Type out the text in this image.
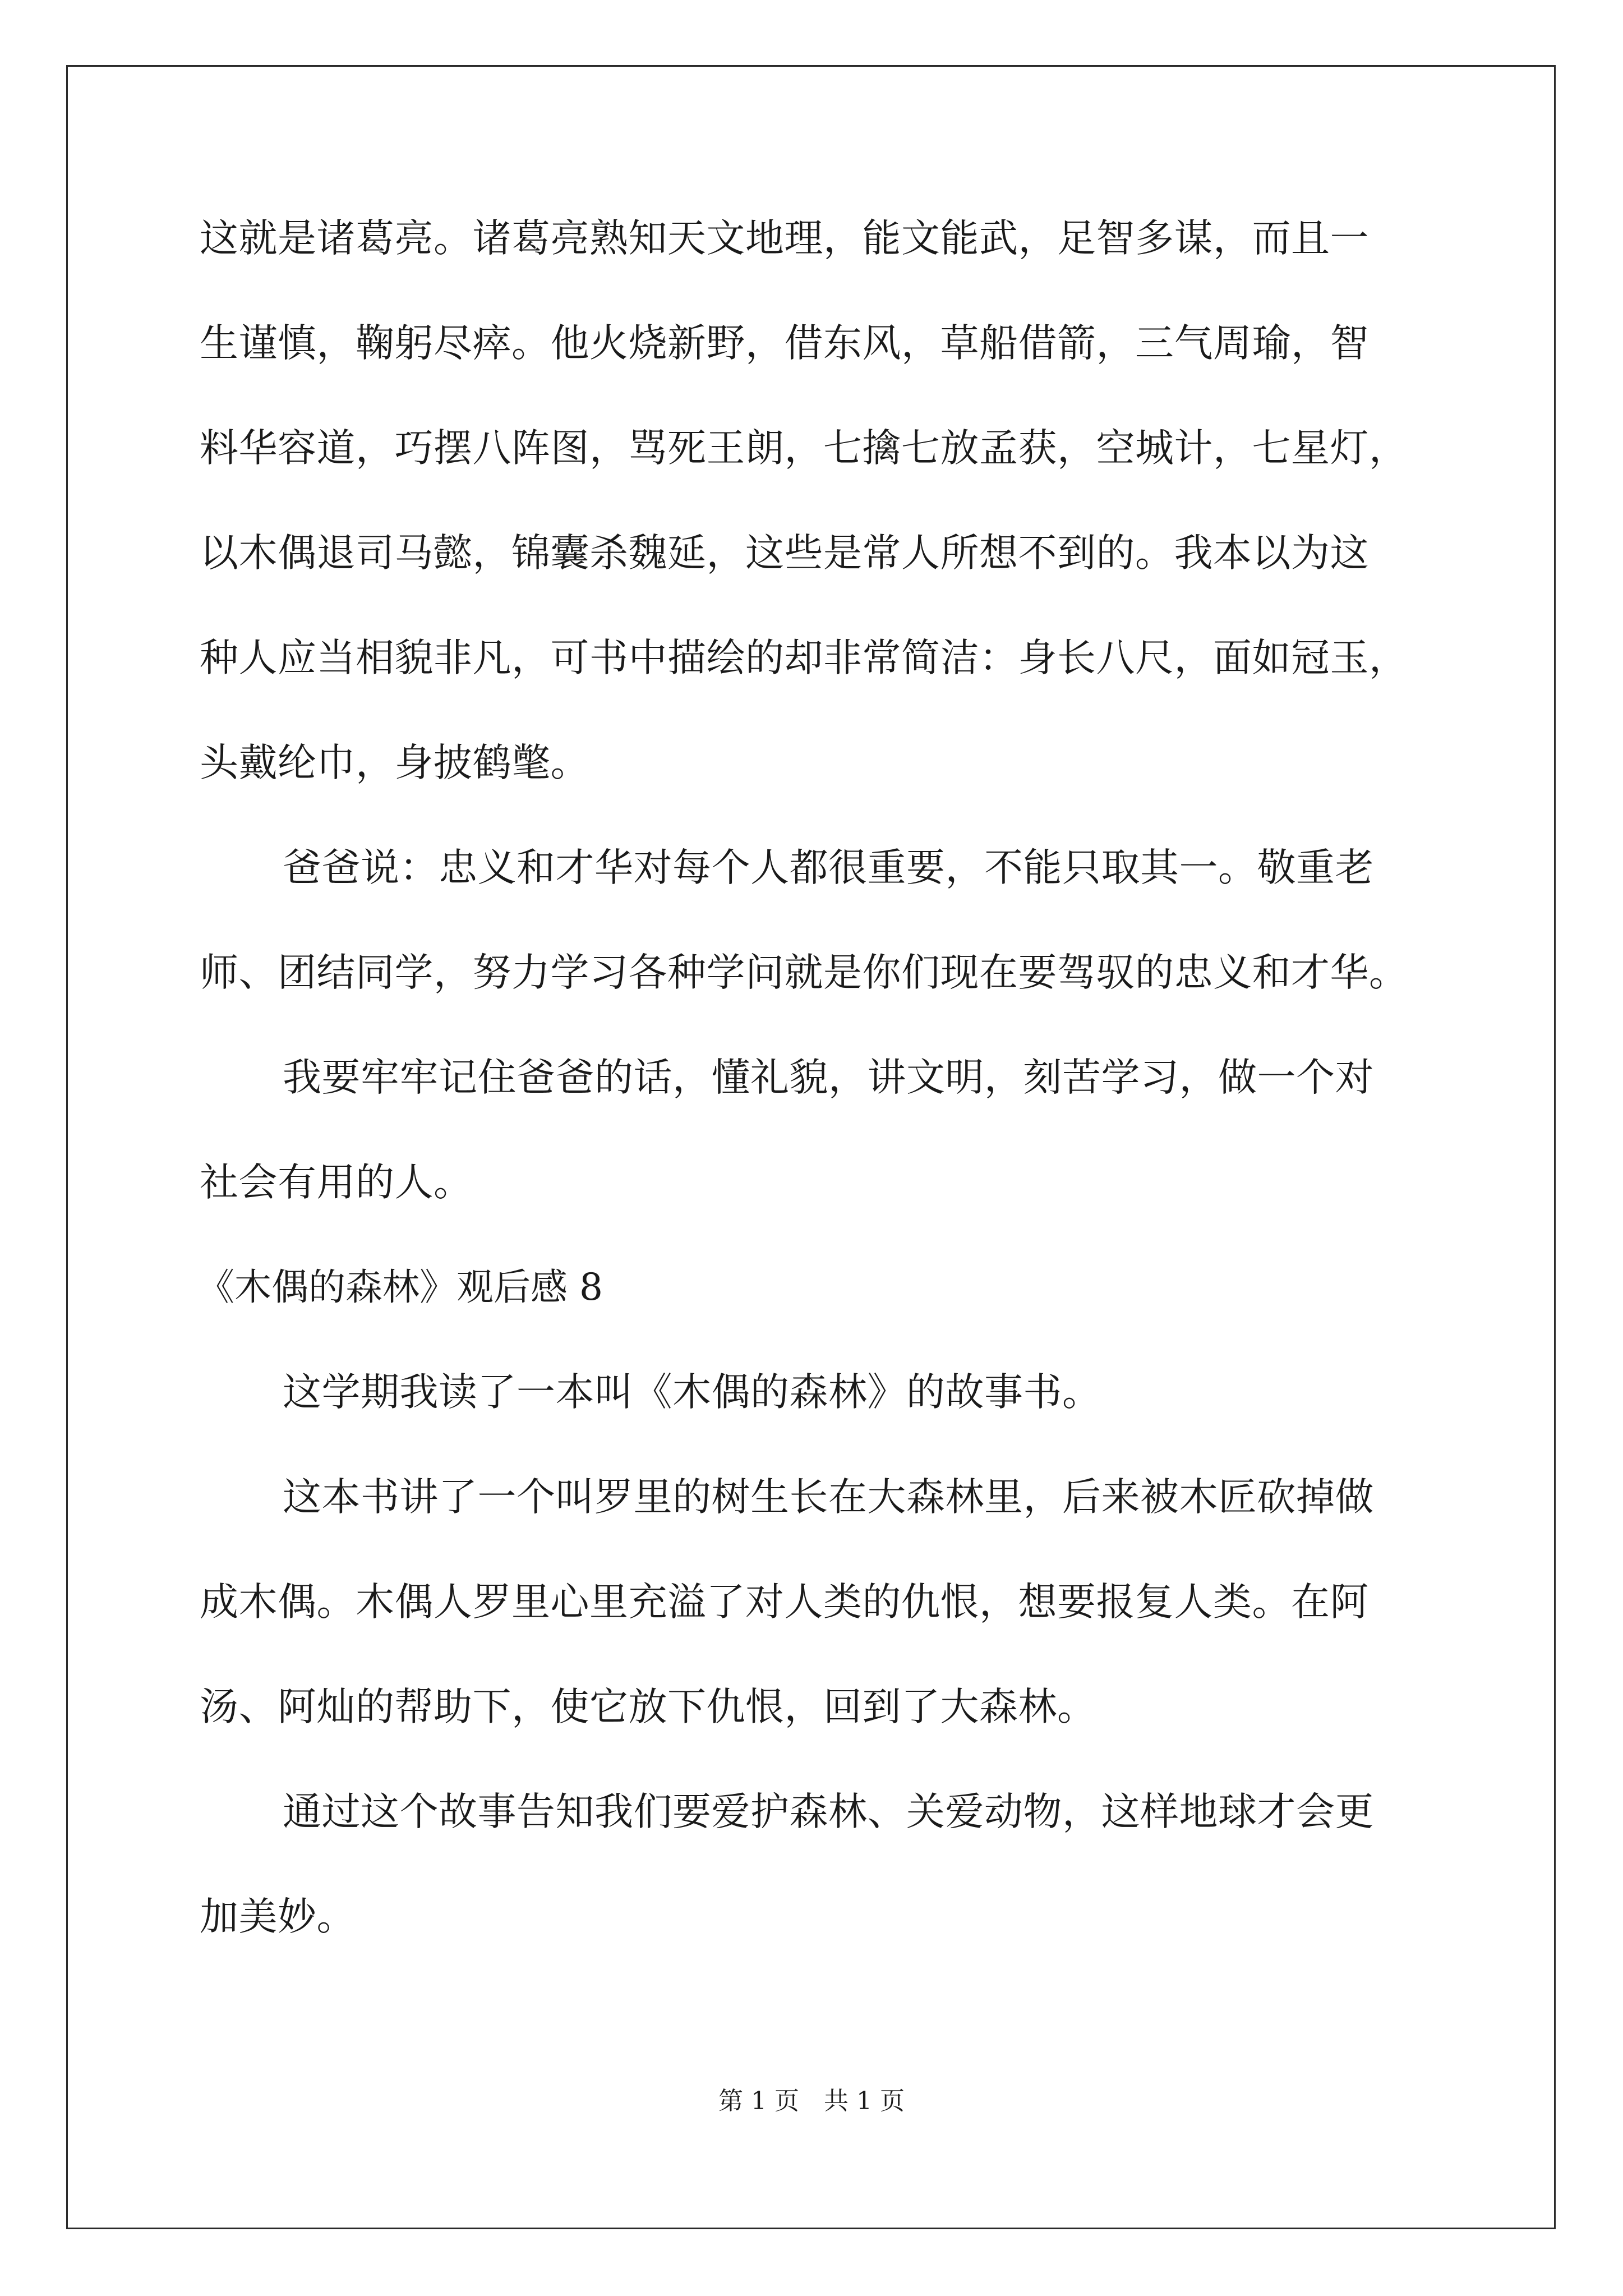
这就是诸葛亮。诸葛亮熟知天文地理，能文能武，足智多谋，而且一
生谨慎，鞠躬尽瘁。他火烧新野，借东风，草船借箭，三气周瑜，智
料华容道，巧摆八阵图，骂死王朗，七擒七放孟获，空城计，七星灯，
以木偶退司马懿，锦囊杀魏延，这些是常人所想不到的。我本以为这
种人应当相貌非凡，可书中描绘的却非常简洁：身长八尺，面如冠玉，
头戴纶巾，身披鹤氅。
爸爸说：忠义和才华对每个人都很重要，不能只取其一。敬重老
师、团结同学，努力学习各种学问就是你们现在要驾驭的忠义和才华。
我要牢牢记住爸爸的话，懂礼貌，讲文明，刻苦学习，做一个对
社会有用的人。
《木偶的森林》观后感 8
这学期我读了一本叫《木偶的森林》的故事书。
这本书讲了一个叫罗里的树生长在大森林里，后来被木匠砍掉做
成木偶。木偶人罗里心里充溢了对人类的仇恨，想要报复人类。在阿
汤、阿灿的帮助下，使它放下仇恨，回到了大森林。
通过这个故事告知我们要爱护森林、关爱动物，这样地球才会更
加美妙。
第 1 页　共 1 页
